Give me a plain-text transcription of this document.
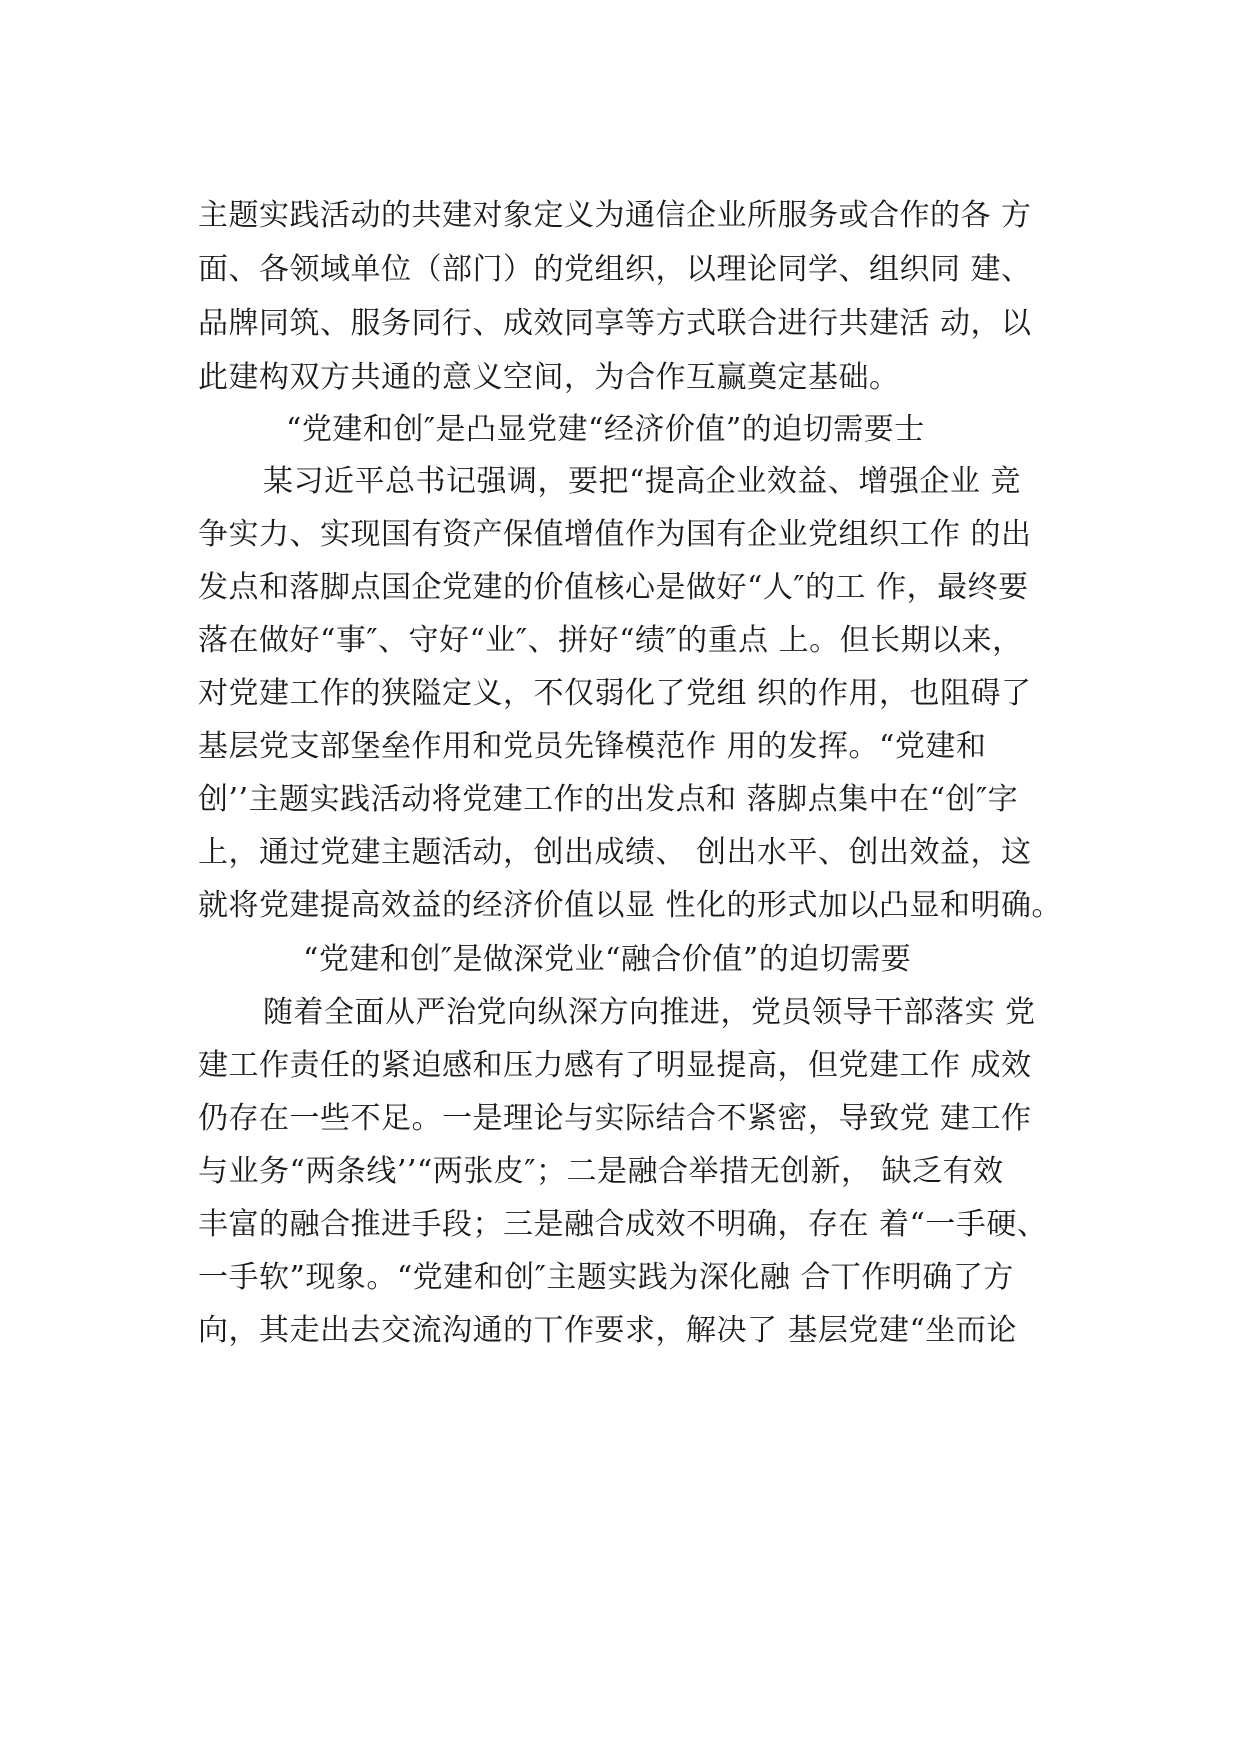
主题实践活动的共建对象定义为通信企业所服务或合作的各 方
面、各领域单位（部门）的党组织，以理论同学、组织同 建、
品牌同筑、服务同行、成效同享等方式联合进行共建活 动，以
此建构双方共通的意义空间，为合作互赢奠定基础。
“党建和创″是凸显党建“经济价值”的迫切需要士
某习近平总书记强调，要把“提高企业效益、增强企业 竞
争实力、实现国有资产保值增值作为国有企业党组织工作 的出
发点和落脚点国企党建的价值核心是做好“人″的工 作，最终要
落在做好“事″、守好“业″、拼好“绩″的重点 上。但长期以来，
对党建工作的狭隘定义，不仅弱化了党组 织的作用，也阻碍了
基层党支部堡垒作用和党员先锋模范作 用的发挥。“党建和
创’’主题实践活动将党建工作的出发点和 落脚点集中在“创″字
上，通过党建主题活动，创出成绩、 创出水平、创出效益，这
就将党建提高效益的经济价值以显 性化的形式加以凸显和明确。
“党建和创″是做深党业“融合价值”的迫切需要
随着全面从严治党向纵深方向推进，党员领导干部落实 党
建工作责任的紧迫感和压力感有了明显提高，但党建工作 成效
仍存在一些不足。一是理论与实际结合不紧密，导致党 建工作
与业务“两条线’’“两张皮″；二是融合举措无创新， 缺乏有效
丰富的融合推进手段；三是融合成效不明确，存在 着“一手硬、
一手软”现象。“党建和创″主题实践为深化融 合丅作明确了方
向，其走出去交流沟通的丅作要求，解决了 基层党建“坐而论
